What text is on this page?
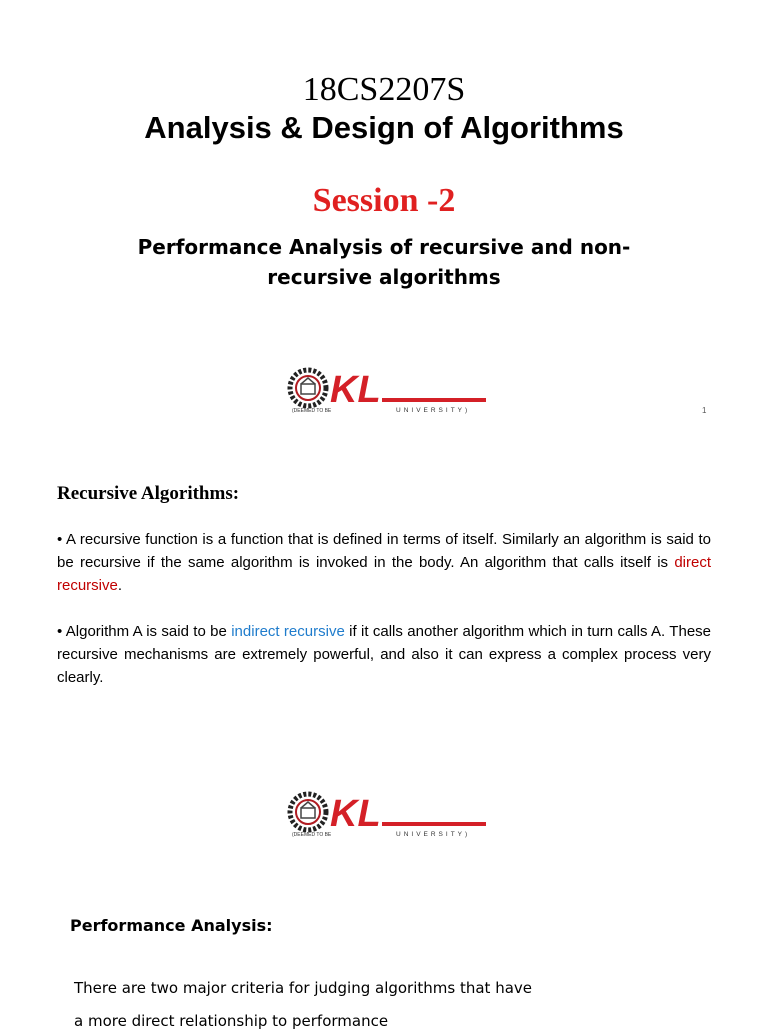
18CS2207S
Analysis & Design of Algorithms
Session -2
Performance Analysis of recursive and non-recursive algorithms
KL
(DEEMED TO BE	UNIVERSITY)	1
Recursive Algorithms:
• A recursive function is a function that is defined in terms of itself. Similarly an algorithm is said to be recursive if the same algorithm is invoked in the body. An algorithm that calls itself is direct recursive.
• Algorithm A is said to be indirect recursive if it calls another algorithm which in turn calls A. These recursive mechanisms are extremely powerful, and also it can express a complex process very clearly.
KL
(DEEMED TO BE	UNIVERSITY)
Performance Analysis:
There are two major criteria for judging algorithms that have
a more direct relationship to performance
